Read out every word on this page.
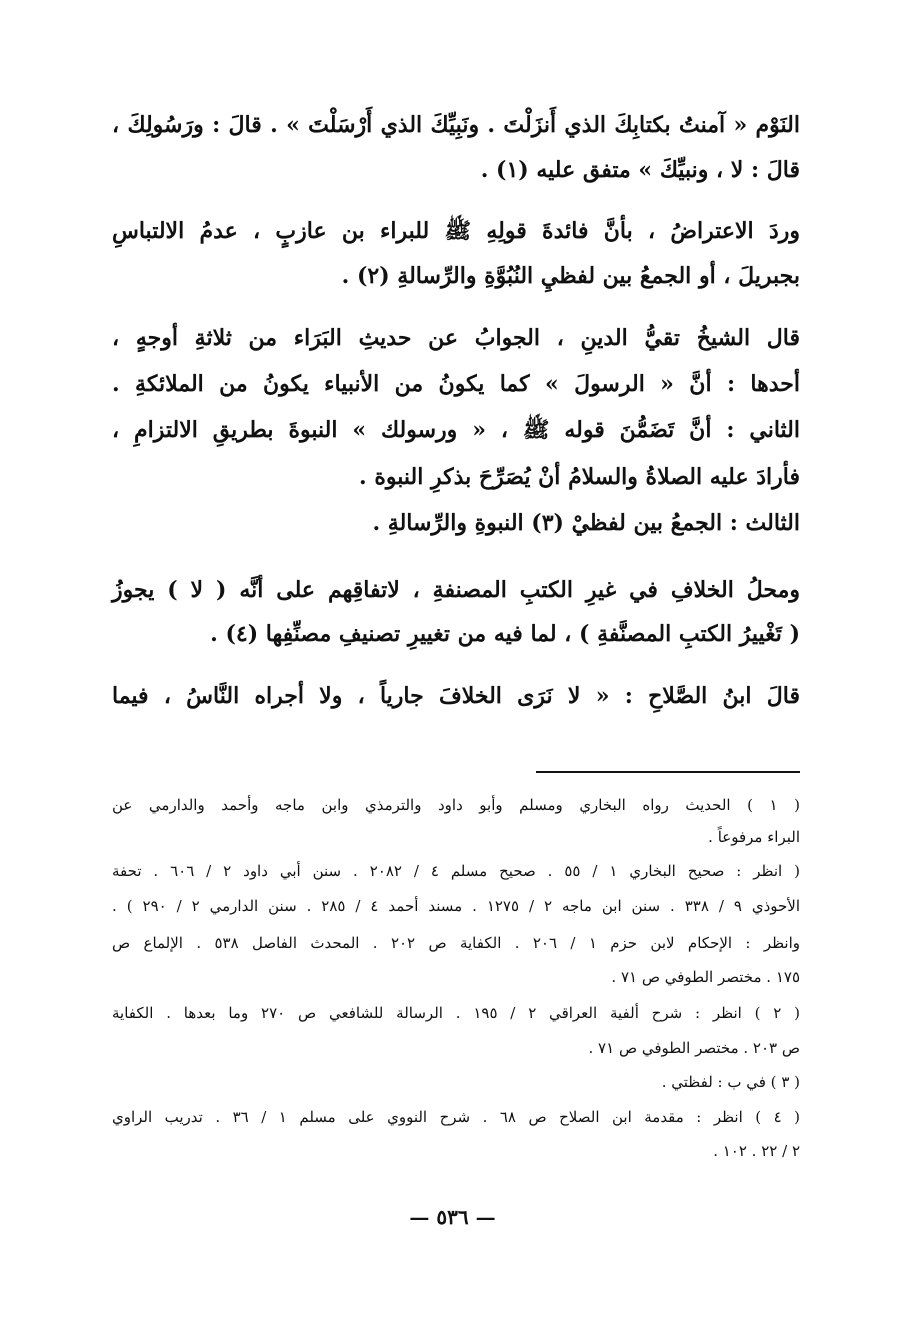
النَوْم « آمنتُ بكتابِكَ الذي أَنزَلْتَ . ونَبِيِّكَ الذي أَرْسَلْتَ » . قالَ : ورَسُولِكَ ،
قالَ : لا ، ونبيِّكَ » متفق عليه (١) .
وردَ الاعتراضُ ، بأنَّ فائدةَ قولِهِ ﷺ للبراء بن عازبٍ ، عدمُ الالتباسِ
بجبريلَ ، أو الجمعُ بين لفظيِ النُبُوَّةِ والرِّسالةِ (٢) .
قال الشيخُ تقيُّ الدينِ ، الجوابُ عن حديثِ البَرَاء من ثلاثةِ أوجهٍ ،
أحدها : أنَّ « الرسولَ » كما يكونُ من الأنبياء يكونُ من الملائكةِ .
الثاني : أنَّ تَضَمُّنَ قوله ﷺ ، « ورسولك » النبوةَ بطريقِ الالتزامِ ،
فأرادَ عليه الصلاةُ والسلامُ أنْ يُصَرِّحَ بذكرِ النبوة .
الثالث : الجمعُ بين لفظيْ (٣) النبوةِ والرِّسالةِ .
ومحلُ الخلافِ في غيرِ الكتبِ المصنفةِ ، لاتفاقِهم على أنَّه ( لا ) يجوزُ
( تَغْييرُ الكتبِ المصنَّفةِ ) ، لما فيه من تغييرِ تصنيفِ مصنِّفِها (٤) .
قالَ ابنُ الصَّلاحِ : « لا نَرَى الخلافَ جارياً ، ولا أجراه النَّاسُ ، فيما
( ١ ) الحديث رواه البخاري ومسلم وأبو داود والترمذي وابن ماجه وأحمد والدارمي عن
البراء مرفوعاً .
( انظر : صحيح البخاري ١ / ٥٥ . صحيح مسلم ٤ / ٢٠٨٢ . سنن أبي داود ٢ / ٦٠٦ . تحفة
الأحوذي ٩ / ٣٣٨ . سنن ابن ماجه ٢ / ١٢٧٥ . مسند أحمد ٤ / ٢٨٥ . سنن الدارمي ٢ / ٢٩٠ ) .
وانظر : الإحكام لابن حزم ١ / ٢٠٦ . الكفاية ص ٢٠٢ . المحدث الفاصل ٥٣٨ . الإلماع ص
١٧٥ . مختصر الطوفي ص ٧١ .
( ٢ ) انظر : شرح ألفية العراقي ٢ / ١٩٥ . الرسالة للشافعي ص ٢٧٠ وما بعدها . الكفاية
ص ٢٠٣ . مختصر الطوفي ص ٧١ .
( ٣ ) في ب : لفظتي .
( ٤ ) انظر : مقدمة ابن الصلاح ص ٦٨ . شرح النووي على مسلم ١ / ٣٦ . تدريب الراوي
٢ / ٢٢ . ١٠٢ .
— ٥٣٦ —
